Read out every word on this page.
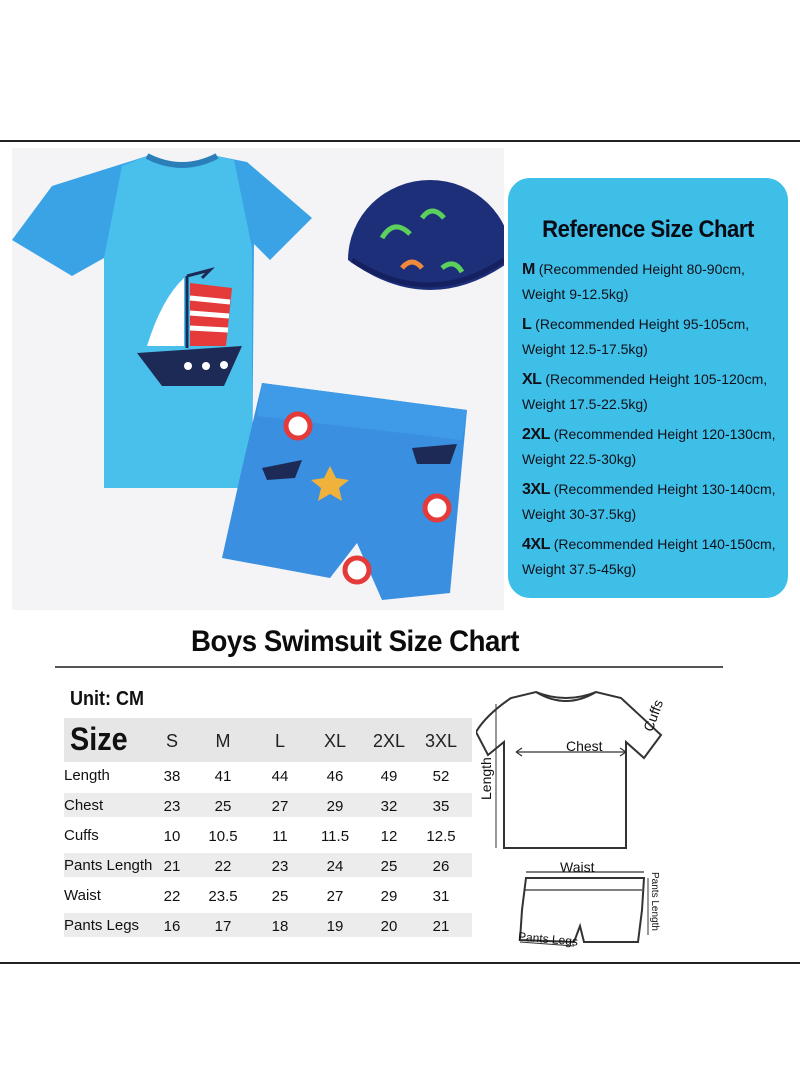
Reference Size Chart
M (Recommended Height 80-90cm,
Weight 9-12.5kg)
L (Recommended Height 95-105cm,
Weight 12.5-17.5kg)
XL (Recommended Height 105-120cm,
Weight 17.5-22.5kg)
2XL (Recommended Height 120-130cm,
Weight 22.5-30kg)
3XL (Recommended Height 130-140cm,
Weight 30-37.5kg)
4XL (Recommended Height 140-150cm,
Weight 37.5-45kg)
Boys Swimsuit Size Chart
Unit: CM
Size	S	M	L	XL	2XL	3XL
Length	38	41	44	46	49	52
Chest	23	25	27	29	32	35
Cuffs	10	10.5	11	11.5	12	12.5
Pants Length 21	22	23	24	25	26
Waist	22	23.5	25	27	29	31
Pants Legs	16	17	18	19	20	21
Chest
Cuffs
Length
Waist
Pants Length
Pants Legs
